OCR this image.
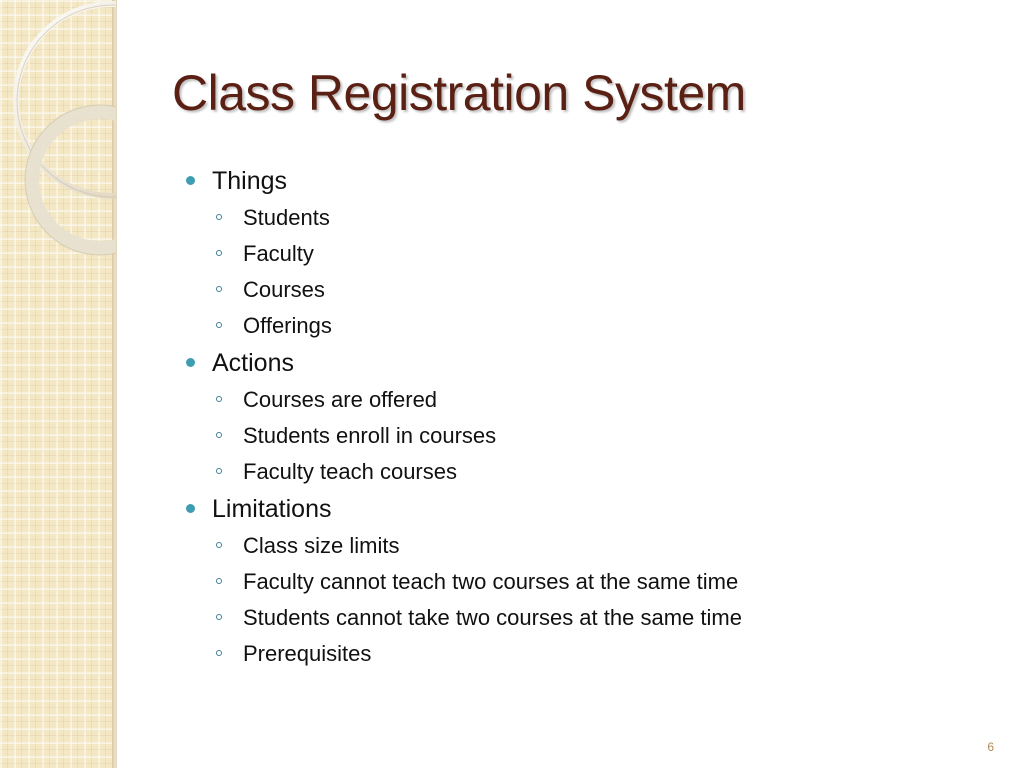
Class Registration System
Things
Students
Faculty
Courses
Offerings
Actions
Courses are offered
Students enroll in courses
Faculty teach courses
Limitations
Class size limits
Faculty cannot teach two courses at the same time
Students cannot take two courses at the same time
Prerequisites
6
